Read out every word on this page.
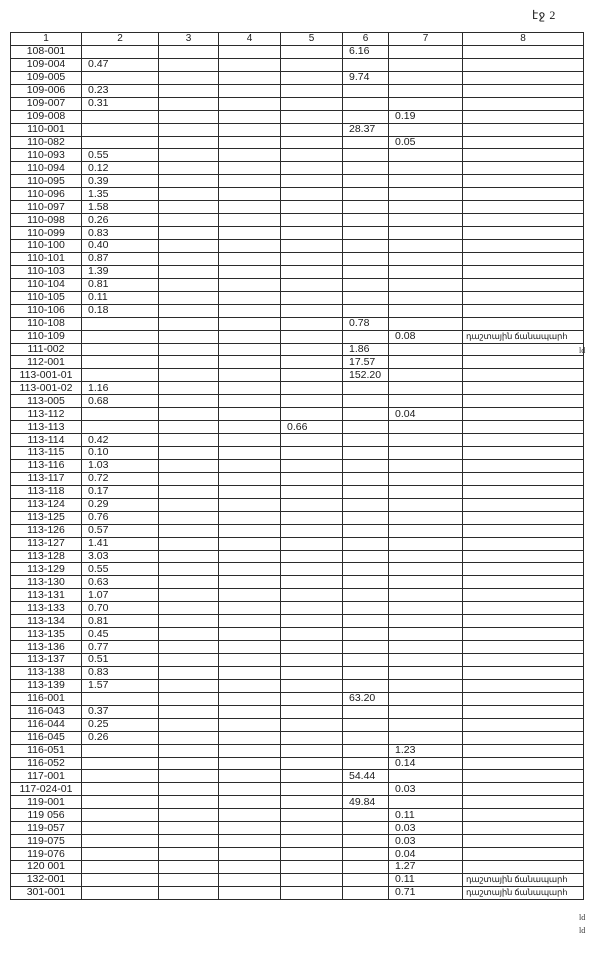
էջ 2
1	2	3	4	5	6	7	8
108-001					6.16		
109-004	0.47						
109-005					9.74		
109-006	0.23						
109-007	0.31						
109-008						0.19	
110-001					28.37		
110-082						0.05	
110-093	0.55						
110-094	0.12						
110-095	0.39						
110-096	1.35						
110-097	1.58						
110-098	0.26						
110-099	0.83						
110-100	0.40						
110-101	0.87						
110-103	1.39						
110-104	0.81						
110-105	0.11						
110-106	0.18						
110-108					0.78		
110-109						0.08	դաշտային ճանապարհ
111-002					1.86		
112-001					17.57		
113-001-01					152.20		
113-001-02	1.16						
113-005	0.68						
113-112						0.04	
113-113				0.66			
113-114	0.42						
113-115	0.10						
113-116	1.03						
113-117	0.72						
113-118	0.17						
113-124	0.29						
113-125	0.76						
113-126	0.57						
113-127	1.41						
113-128	3.03						
113-129	0.55						
113-130	0.63						
113-131	1.07						
113-133	0.70						
113-134	0.81						
113-135	0.45						
113-136	0.77						
113-137	0.51						
113-138	0.83						
113-139	1.57						
116-001					63.20		
116-043	0.37						
116-044	0.25						
116-045	0.26						
116-051						1.23	
116-052						0.14	
117-001					54.44		
117-024-01						0.03	
119-001					49.84		
119 056						0.11	
119-057						0.03	
119-075						0.03	
119-076						0.04	
120 001						1.27	
132-001						0.11	դաշտային ճանապարհ
301-001						0.71	դաշտային ճանապարհ
ld
ld
ld
